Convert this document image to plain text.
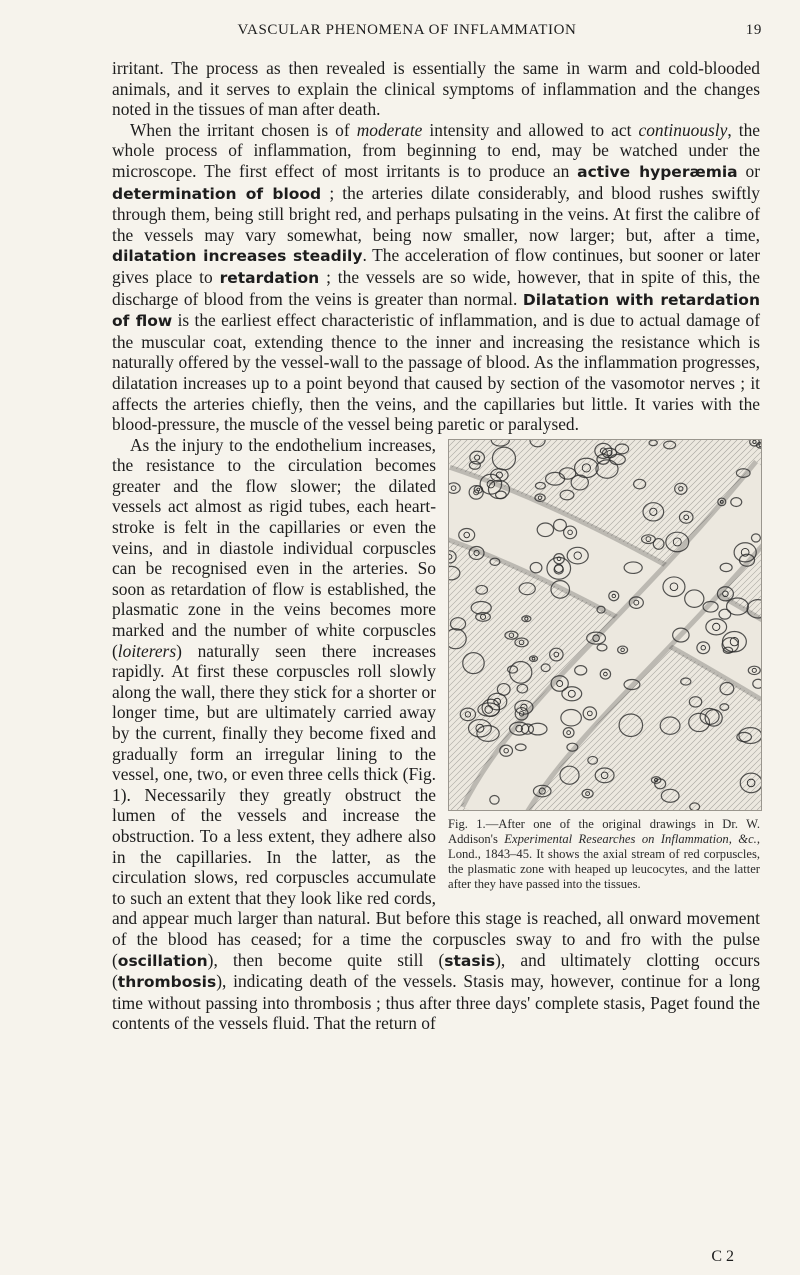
VASCULAR PHENOMENA OF INFLAMMATION	19

irritant. The process as then revealed is essentially the same in warm and cold-blooded animals, and it serves to explain the clinical symptoms of inflammation and the changes noted in the tissues of man after death.

When the irritant chosen is of moderate intensity and allowed to act continuously, the whole process of inflammation, from beginning to end, may be watched under the microscope. The first effect of most irritants is to produce an active hyperæmia or determination of blood ; the arteries dilate considerably, and blood rushes swiftly through them, being still bright red, and perhaps pulsating in the veins. At first the calibre of the vessels may vary somewhat, being now smaller, now larger; but, after a time, dilatation increases steadily. The acceleration of flow continues, but sooner or later gives place to retardation ; the vessels are so wide, however, that in spite of this, the discharge of blood from the veins is greater than normal. Dilatation with retardation of flow is the earliest effect characteristic of inflammation, and is due to actual damage of the muscular coat, extending thence to the inner and increasing the resistance which is naturally offered by the vessel-wall to the passage of blood. As the inflammation progresses, dilatation increases up to a point beyond that caused by section of the vasomotor nerves ; it affects the arteries chiefly, then the veins, and the capillaries but little. It varies with the blood-pressure, the muscle of the vessel being paretic or paralysed.

Fig. 1.—After one of the original drawings in Dr. W. Addison's Experimental Researches on Inflammation, &c., Lond., 1843–45. It shows the axial stream of red corpuscles, the plasmatic zone with heaped up leucocytes, and the latter after they have passed into the tissues.

As the injury to the endothelium increases, the resistance to the circulation becomes greater and the flow slower; the dilated vessels act almost as rigid tubes, each heart-stroke is felt in the capillaries or even the veins, and in diastole individual corpuscles can be recognised even in the arteries. So soon as retardation of flow is established, the plasmatic zone in the veins becomes more marked and the number of white corpuscles (loiterers) naturally seen there increases rapidly. At first these corpuscles roll slowly along the wall, there they stick for a shorter or longer time, but are ultimately carried away by the current, finally they become fixed and gradually form an irregular lining to the vessel, one, two, or even three cells thick (Fig. 1). Necessarily they greatly obstruct the lumen of the vessels and increase the obstruction. To a less extent, they adhere also in the capillaries. In the latter, as the circulation slows, red corpuscles accumulate to such an extent that they look like red cords, and appear much larger than natural. But before this stage is reached, all onward movement of the blood has ceased; for a time the corpuscles sway to and fro with the pulse (oscillation), then become quite still (stasis), and ultimately clotting occurs (thrombosis), indicating death of the vessels. Stasis may, however, continue for a long time without passing into thrombosis ; thus after three days' complete stasis, Paget found the contents of the vessels fluid. That the return of

C 2
